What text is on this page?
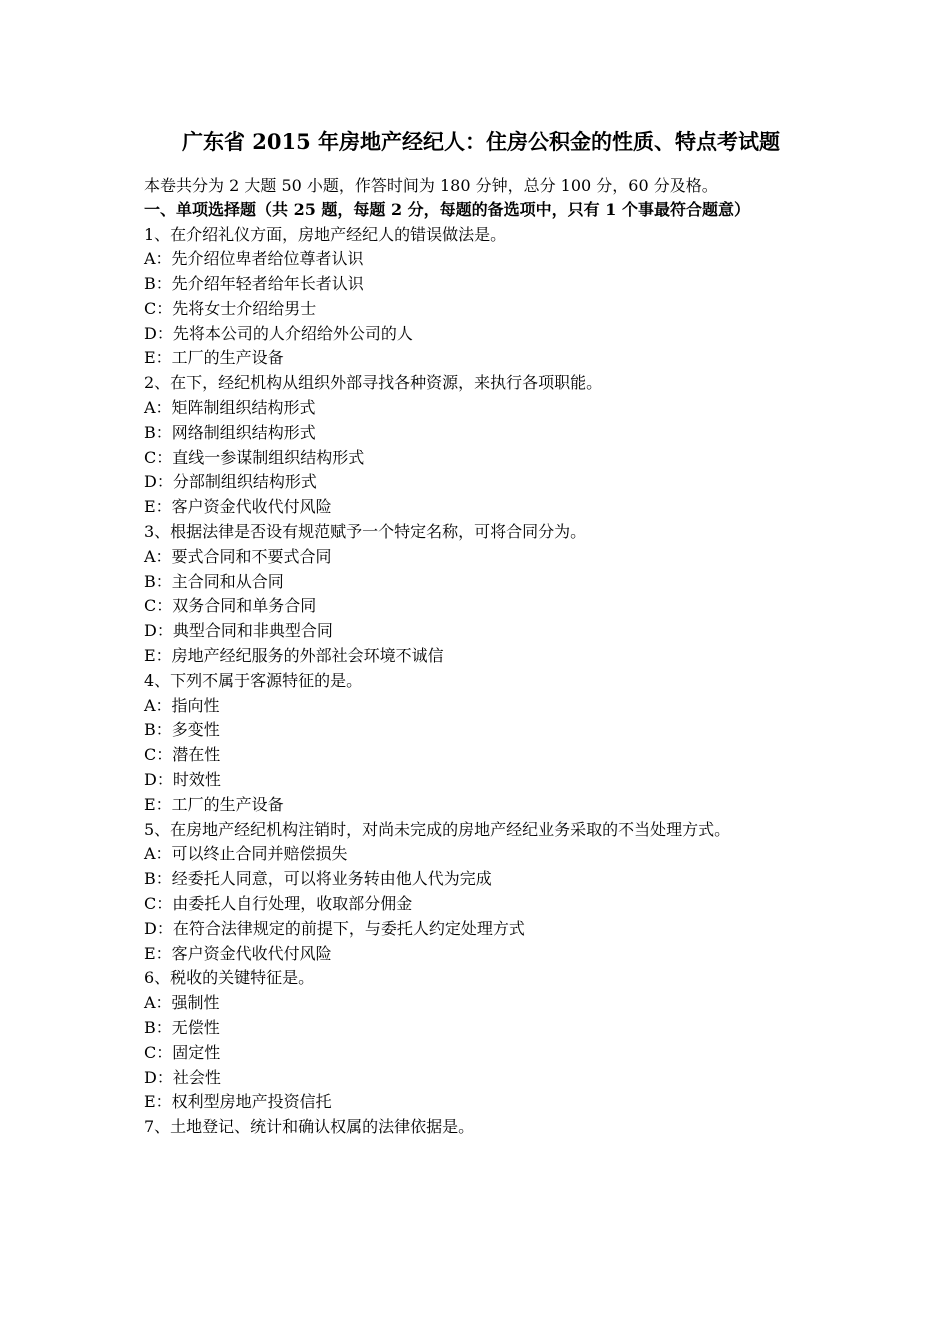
广东省 2015 年房地产经纪人：住房公积金的性质、特点考试题

本卷共分为 2 大题 50 小题，作答时间为 180 分钟，总分 100 分，60 分及格。

一、单项选择题（共 25 题，每题 2 分，每题的备选项中，只有 1 个事最符合题意）

1、在介绍礼仪方面，房地产经纪人的错误做法是。

A：先介绍位卑者给位尊者认识

B：先介绍年轻者给年长者认识

C：先将女士介绍给男士

D：先将本公司的人介绍给外公司的人

E：工厂的生产设备

2、在下，经纪机构从组织外部寻找各种资源，来执行各项职能。

A：矩阵制组织结构形式

B：网络制组织结构形式

C：直线一参谋制组织结构形式

D：分部制组织结构形式

E：客户资金代收代付风险

3、根据法律是否设有规范赋予一个特定名称，可将合同分为。

A：要式合同和不要式合同

B：主合同和从合同

C：双务合同和单务合同

D：典型合同和非典型合同

E：房地产经纪服务的外部社会环境不诚信

4、下列不属于客源特征的是。

A：指向性

B：多变性

C：潜在性

D：时效性

E：工厂的生产设备

5、在房地产经纪机构注销时，对尚未完成的房地产经纪业务采取的不当处理方式。

A：可以终止合同并赔偿损失

B：经委托人同意，可以将业务转由他人代为完成

C：由委托人自行处理，收取部分佣金

D：在符合法律规定的前提下，与委托人约定处理方式

E：客户资金代收代付风险

6、税收的关键特征是。

A：强制性

B：无偿性

C：固定性

D：社会性

E：权利型房地产投资信托

7、土地登记、统计和确认权属的法律依据是。
